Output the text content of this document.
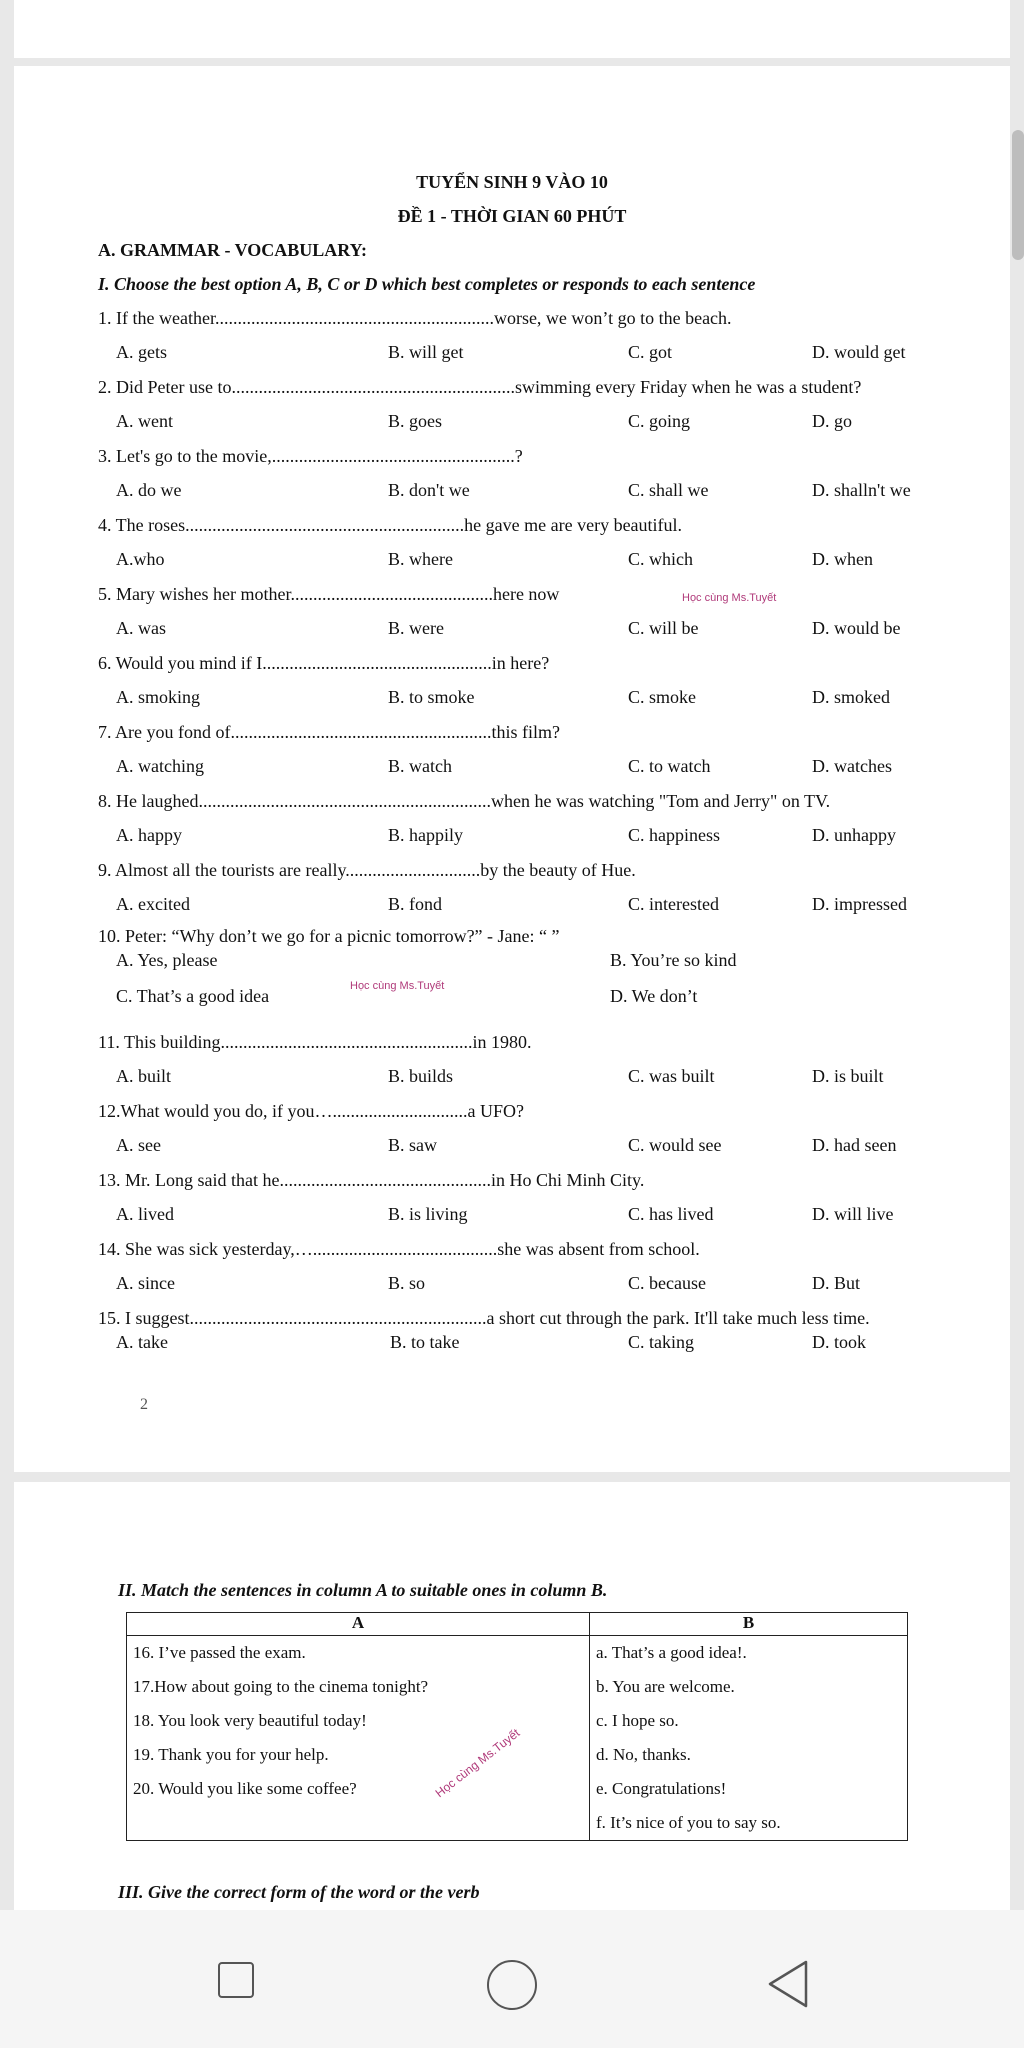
TUYỂN SINH 9 VÀO 10
ĐỀ 1 - THỜI GIAN 60 PHÚT
A. GRAMMAR - VOCABULARY:
I. Choose the best option A, B, C or D which best completes or responds to each sentence
1. If the weather..............................................................worse, we won’t go to the beach.
A. gets	B. will get	C. got	D. would get
2. Did Peter use to...............................................................swimming every Friday when he was a student?
A. went	B. goes	C. going	D. go
3. Let's go to the movie,......................................................?
A. do we	B. don't we	C. shall we	D. shalln't we
4. The roses..............................................................he gave me are very beautiful.
A.who	B. where	C. which	D. when
5. Mary wishes her mother.............................................here now
A. was	B. were	C. will be	D. would be
6. Would you mind if I...................................................in here?
A. smoking	B. to smoke	C. smoke	D. smoked
7. Are you fond of..........................................................this film?
A. watching	B. watch	C. to watch	D. watches
8. He laughed.................................................................when he was watching "Tom and Jerry" on TV.
A. happy	B. happily	C. happiness	D. unhappy
9. Almost all the tourists are really..............................by the beauty of Hue.
A. excited	B. fond	C. interested	D. impressed
10. Peter: “Why don’t we go for a picnic tomorrow?” - Jane: “ ”
A. Yes, please	B. You’re so kind
C. That’s a good idea	Học cùng Ms.Tuyết	D. We don’t
11. This building........................................................in 1980.
A. built	B. builds	C. was built	D. is built
12.What would you do, if you…..............................a UFO?
A. see	B. saw	C. would see	D. had seen
13. Mr. Long said that he...............................................in Ho Chi Minh City.
A. lived	B. is living	C. has lived	D. will live
14. She was sick yesterday,….........................................she was absent from school.
A. since	B. so	C. because	D. But
15. I suggest..................................................................a short cut through the park. It'll take much less time.
A. take	B. to take	C. taking	D. took
Học cùng Ms.Tuyết
2
II. Match the sentences in column A to suitable ones in column B.
A	B
16. I’ve passed the exam.	a. That’s a good idea!.
17.How about going to the cinema tonight?	b. You are welcome.
18. You look very beautiful today!	c. I hope so.
19. Thank you for your help.	d. No, thanks.
20. Would you like some coffee?	e. Congratulations!
	f. It’s nice of you to say so.
Học cùng Ms.Tuyết
III. Give the correct form of the word or the verb
